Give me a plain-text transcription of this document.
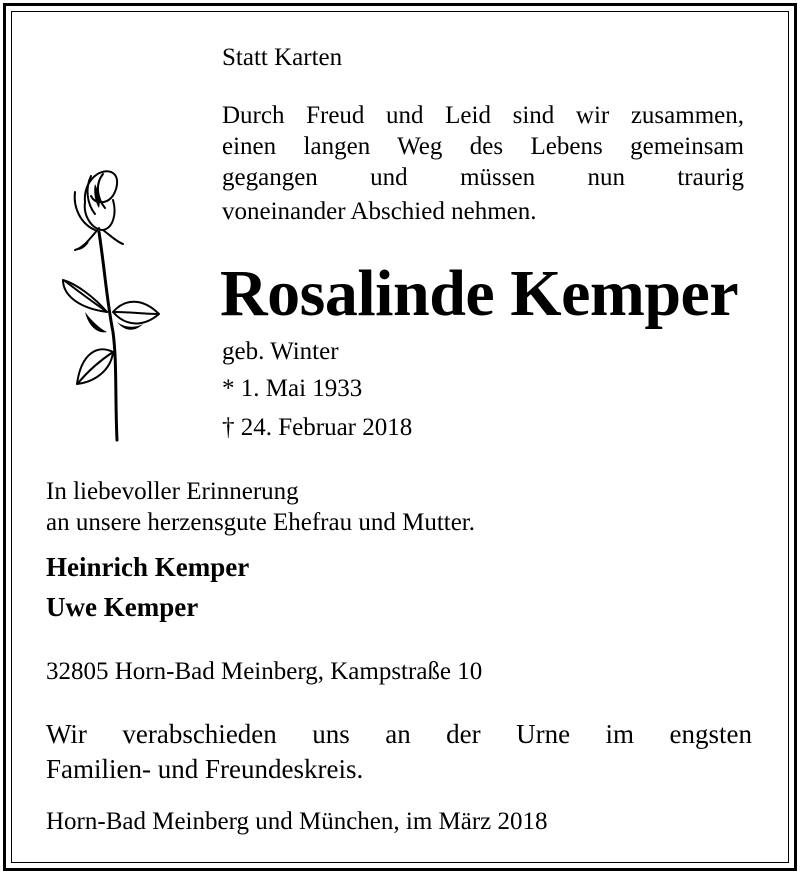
Statt Karten

Durch Freud und Leid sind wir zusammen,

einen langen Weg des Lebens gemeinsam

gegangen und müssen nun traurig

voneinander Abschied nehmen.

Rosalinde Kemper

geb. Winter

* 1. Mai 1933

† 24. Februar 2018

In liebevoller Erinnerung

an unsere herzensgute Ehefrau und Mutter.

Heinrich Kemper

Uwe Kemper

32805 Horn-Bad Meinberg, Kampstraße 10

Wir verabschieden uns an der Urne im engsten

Familien- und Freundeskreis.

Horn-Bad Meinberg und München, im März 2018
